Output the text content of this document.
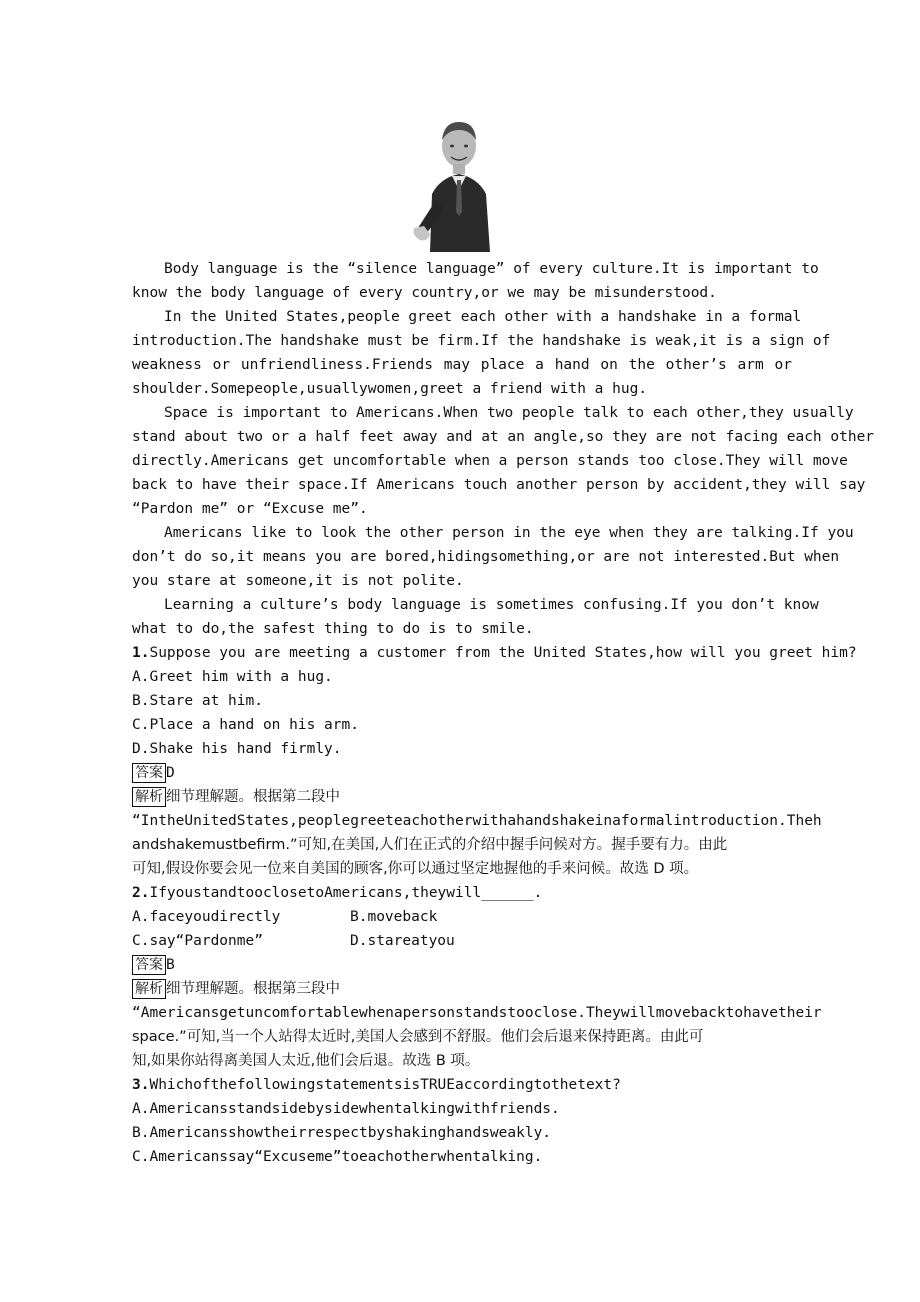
Body language is the “silence language” of every culture.It is important to
know the body language of every country,or we may be misunderstood.
In the United States,people greet each other with a handshake in a formal
introduction.The handshake must be firm.If the handshake is weak,it is a sign of
weakness or unfriendliness.Friends may place a hand on the other’s arm or
shoulder.Somepeople,usuallywomen,greet a friend with a hug.
Space is important to Americans.When two people talk to each other,they usually
stand about two or a half feet away and at an angle,so they are not facing each other
directly.Americans get uncomfortable when a person stands too close.They will move
back to have their space.If Americans touch another person by accident,they will say
“Pardon me” or “Excuse me”.
Americans like to look the other person in the eye when they are talking.If you
don’t do so,it means you are bored,hidingsomething,or are not interested.But when
you stare at someone,it is not polite.
Learning a culture’s body language is sometimes confusing.If you don’t know
what to do,the safest thing to do is to smile.
1.Suppose you are meeting a customer from the United States,how will you greet him?
A.Greet him with a hug.
B.Stare at him.
C.Place a hand on his arm.
D.Shake his hand firmly.
答案 D
解析 细节理解题。根据第二段中
“IntheUnitedStates,peoplegreeteachotherwithahandshakeinaformalintroduction.Theh
andshakemustbefirm.”可知,在美国,人们在正式的介绍中握手问候对方。握手要有力。由此
可知,假设你要会见一位来自美国的顾客,你可以通过坚定地握他的手来问候。故选 D 项。
2.IfyoustandtooclosetoAmericans,theywill______.
A.faceyoudirectly	B.moveback
C.say“Pardonme”	D.stareatyou
答案 B
解析 细节理解题。根据第三段中
“Americansgetuncomfortablewhenapersonstandstooclose.Theywillmovebacktohavetheir
space.”可知,当一个人站得太近时,美国人会感到不舒服。他们会后退来保持距离。由此可
知,如果你站得离美国人太近,他们会后退。故选 B 项。
3.WhichofthefollowingstatementsisTRUEaccordingtothetext?
A.Americansstandsidebysidewhentalkingwithfriends.
B.Americansshowtheirrespectbyshakinghandsweakly.
C.Americanssay“Excuseme”toeachotherwhentalking.
